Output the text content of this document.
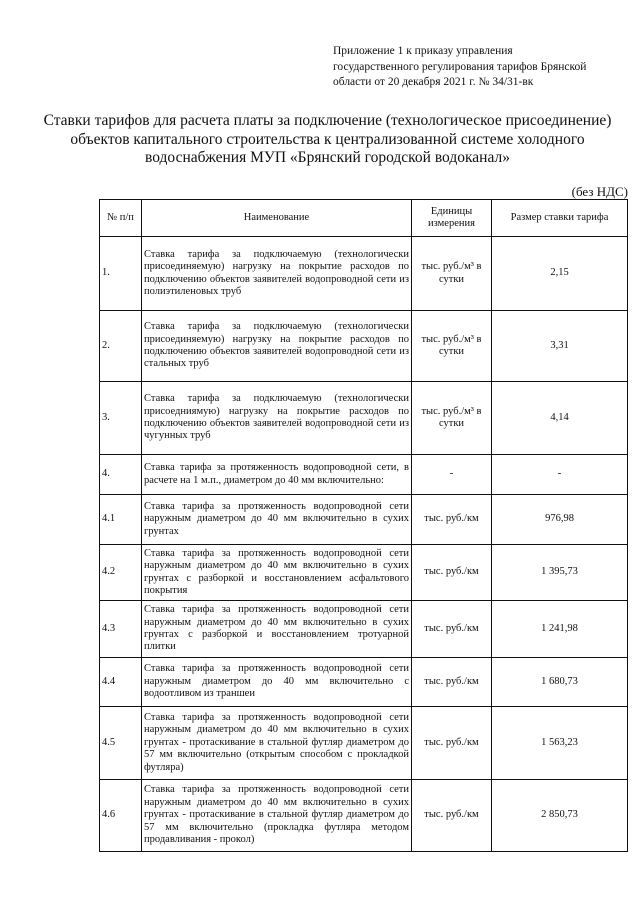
Приложение 1 к приказу управления
государственного регулирования тарифов Брянской
области от 20 декабря 2021 г. № 34/31-вк
Ставки тарифов для расчета платы за подключение (технологическое присоединение) объектов капитального строительства к централизованной системе холодного водоснабжения МУП «Брянский городской водоканал»
(без НДС)
№ п/п	Наименование	Единицы измерения	Размер ставки тарифа
1.	Ставка тарифа за подключаемую (технологически присоединяемую) нагрузку на покрытие расходов по подключению объектов заявителей водопроводной сети из полиэтиленовых труб	тыс. руб./м³ в сутки	2,15
2.	Ставка тарифа за подключаемую (технологически присоединяемую) нагрузку на покрытие расходов по подключению объектов заявителей водопроводной сети из стальных труб	тыс. руб./м³ в сутки	3,31
3.	Ставка тарифа за подключаемую (технологически присоедниямую) нагрузку на покрытие расходов по подключению объектов заявителей водопроводной сети из чугунных труб	тыс. руб./м³ в сутки	4,14
4.	Ставка тарифа за протяженность водопроводной сети, в расчете на 1 м.п., диаметром до 40 мм включительно:	-	-
4.1	Ставка тарифа за протяженность водопроводной сети наружным диаметром до 40 мм включительно в сухих грунтах	тыс. руб./км	976,98
4.2	Ставка тарифа за протяженность водопроводной сети наружным диаметром до 40 мм включительно в сухих грунтах с разборкой и восстановлением асфальтового покрытия	тыс. руб./км	1 395,73
4.3	Ставка тарифа за протяженность водопроводной сети наружным диаметром до 40 мм включительно в сухих грунтах с разборкой и восстановлением тротуарной плитки	тыс. руб./км	1 241,98
4.4	Ставка тарифа за протяженность водопроводной сети наружным диаметром до 40 мм включительно с водоотливом из траншеи	тыс. руб./км	1 680,73
4.5	Ставка тарифа за протяженность водопроводной сети наружным диаметром до 40 мм включительно в сухих грунтах - протаскивание в стальной футляр диаметром до 57 мм включительно (открытым способом с прокладкой футляра)	тыс. руб./км	1 563,23
4.6	Ставка тарифа за протяженность водопроводной сети наружным диаметром до 40 мм включительно в сухих грунтах - протаскивание в стальной футляр диаметром до 57 мм включительно (прокладка футляра методом продавливания - прокол)	тыс. руб./км	2 850,73
